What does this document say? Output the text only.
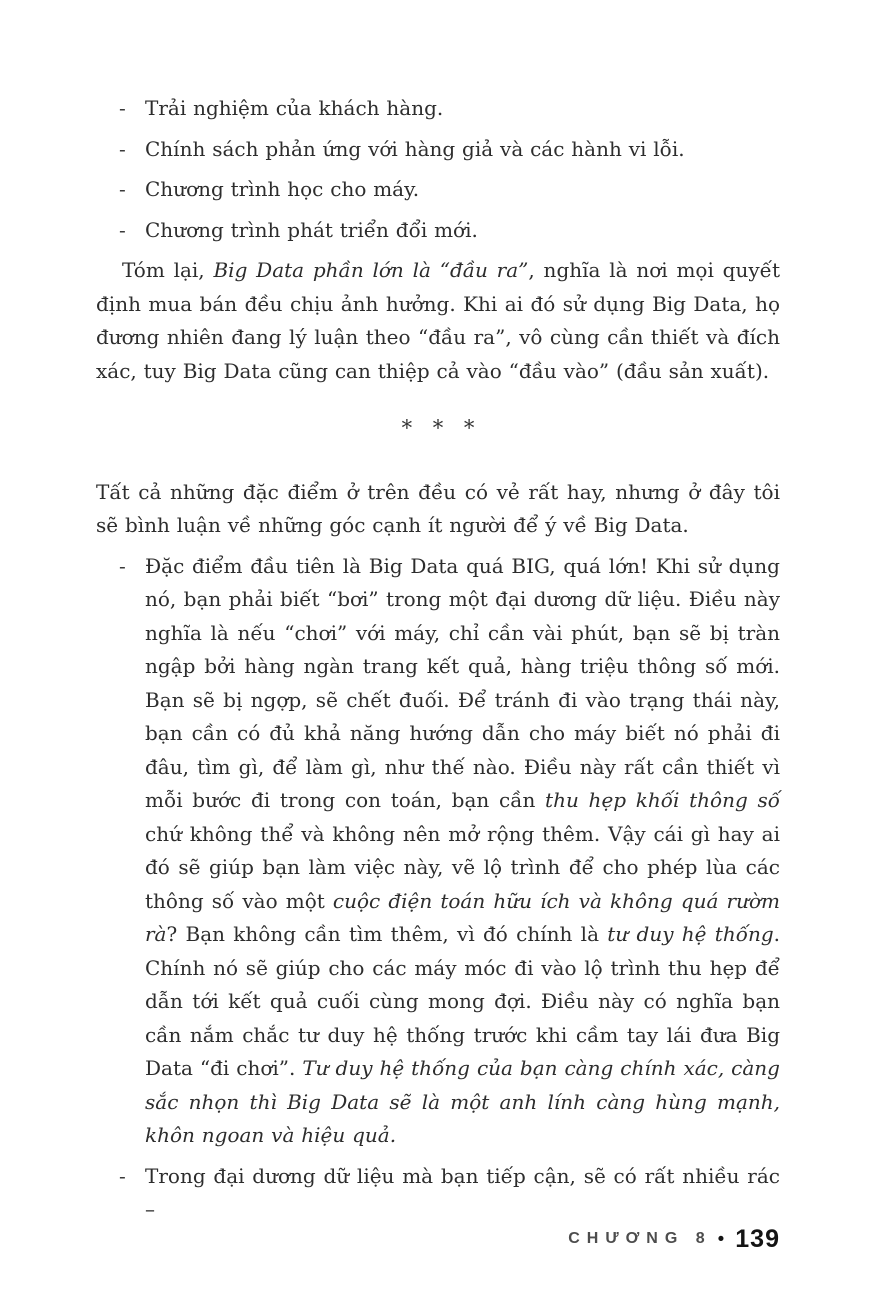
- Trải nghiệm của khách hàng.

- Chính sách phản ứng với hàng giả và các hành vi lỗi.

- Chương trình học cho máy.

- Chương trình phát triển đổi mới.

Tóm lại, Big Data phần lớn là “đầu ra”, nghĩa là nơi mọi quyết định mua bán đều chịu ảnh hưởng. Khi ai đó sử dụng Big Data, họ đương nhiên đang lý luận theo “đầu ra”, vô cùng cần thiết và đích xác, tuy Big Data cũng can thiệp cả vào “đầu vào” (đầu sản xuất).

* * *

Tất cả những đặc điểm ở trên đều có vẻ rất hay, nhưng ở đây tôi sẽ bình luận về những góc cạnh ít người để ý về Big Data.

- Đặc điểm đầu tiên là Big Data quá BIG, quá lớn! Khi sử dụng nó, bạn phải biết “bơi” trong một đại dương dữ liệu. Điều này nghĩa là nếu “chơi” với máy, chỉ cần vài phút, bạn sẽ bị tràn ngập bởi hàng ngàn trang kết quả, hàng triệu thông số mới. Bạn sẽ bị ngợp, sẽ chết đuối. Để tránh đi vào trạng thái này, bạn cần có đủ khả năng hướng dẫn cho máy biết nó phải đi đâu, tìm gì, để làm gì, như thế nào. Điều này rất cần thiết vì mỗi bước đi trong con toán, bạn cần thu hẹp khối thông số chứ không thể và không nên mở rộng thêm. Vậy cái gì hay ai đó sẽ giúp bạn làm việc này, vẽ lộ trình để cho phép lùa các thông số vào một cuộc điện toán hữu ích và không quá rườm rà? Bạn không cần tìm thêm, vì đó chính là tư duy hệ thống. Chính nó sẽ giúp cho các máy móc đi vào lộ trình thu hẹp để dẫn tới kết quả cuối cùng mong đợi. Điều này có nghĩa bạn cần nắm chắc tư duy hệ thống trước khi cầm tay lái đưa Big Data “đi chơi”. Tư duy hệ thống của bạn càng chính xác, càng sắc nhọn thì Big Data sẽ là một anh lính càng hùng mạnh, khôn ngoan và hiệu quả.

- Trong đại dương dữ liệu mà bạn tiếp cận, sẽ có rất nhiều rác –

CHƯƠNG 8 • 139
